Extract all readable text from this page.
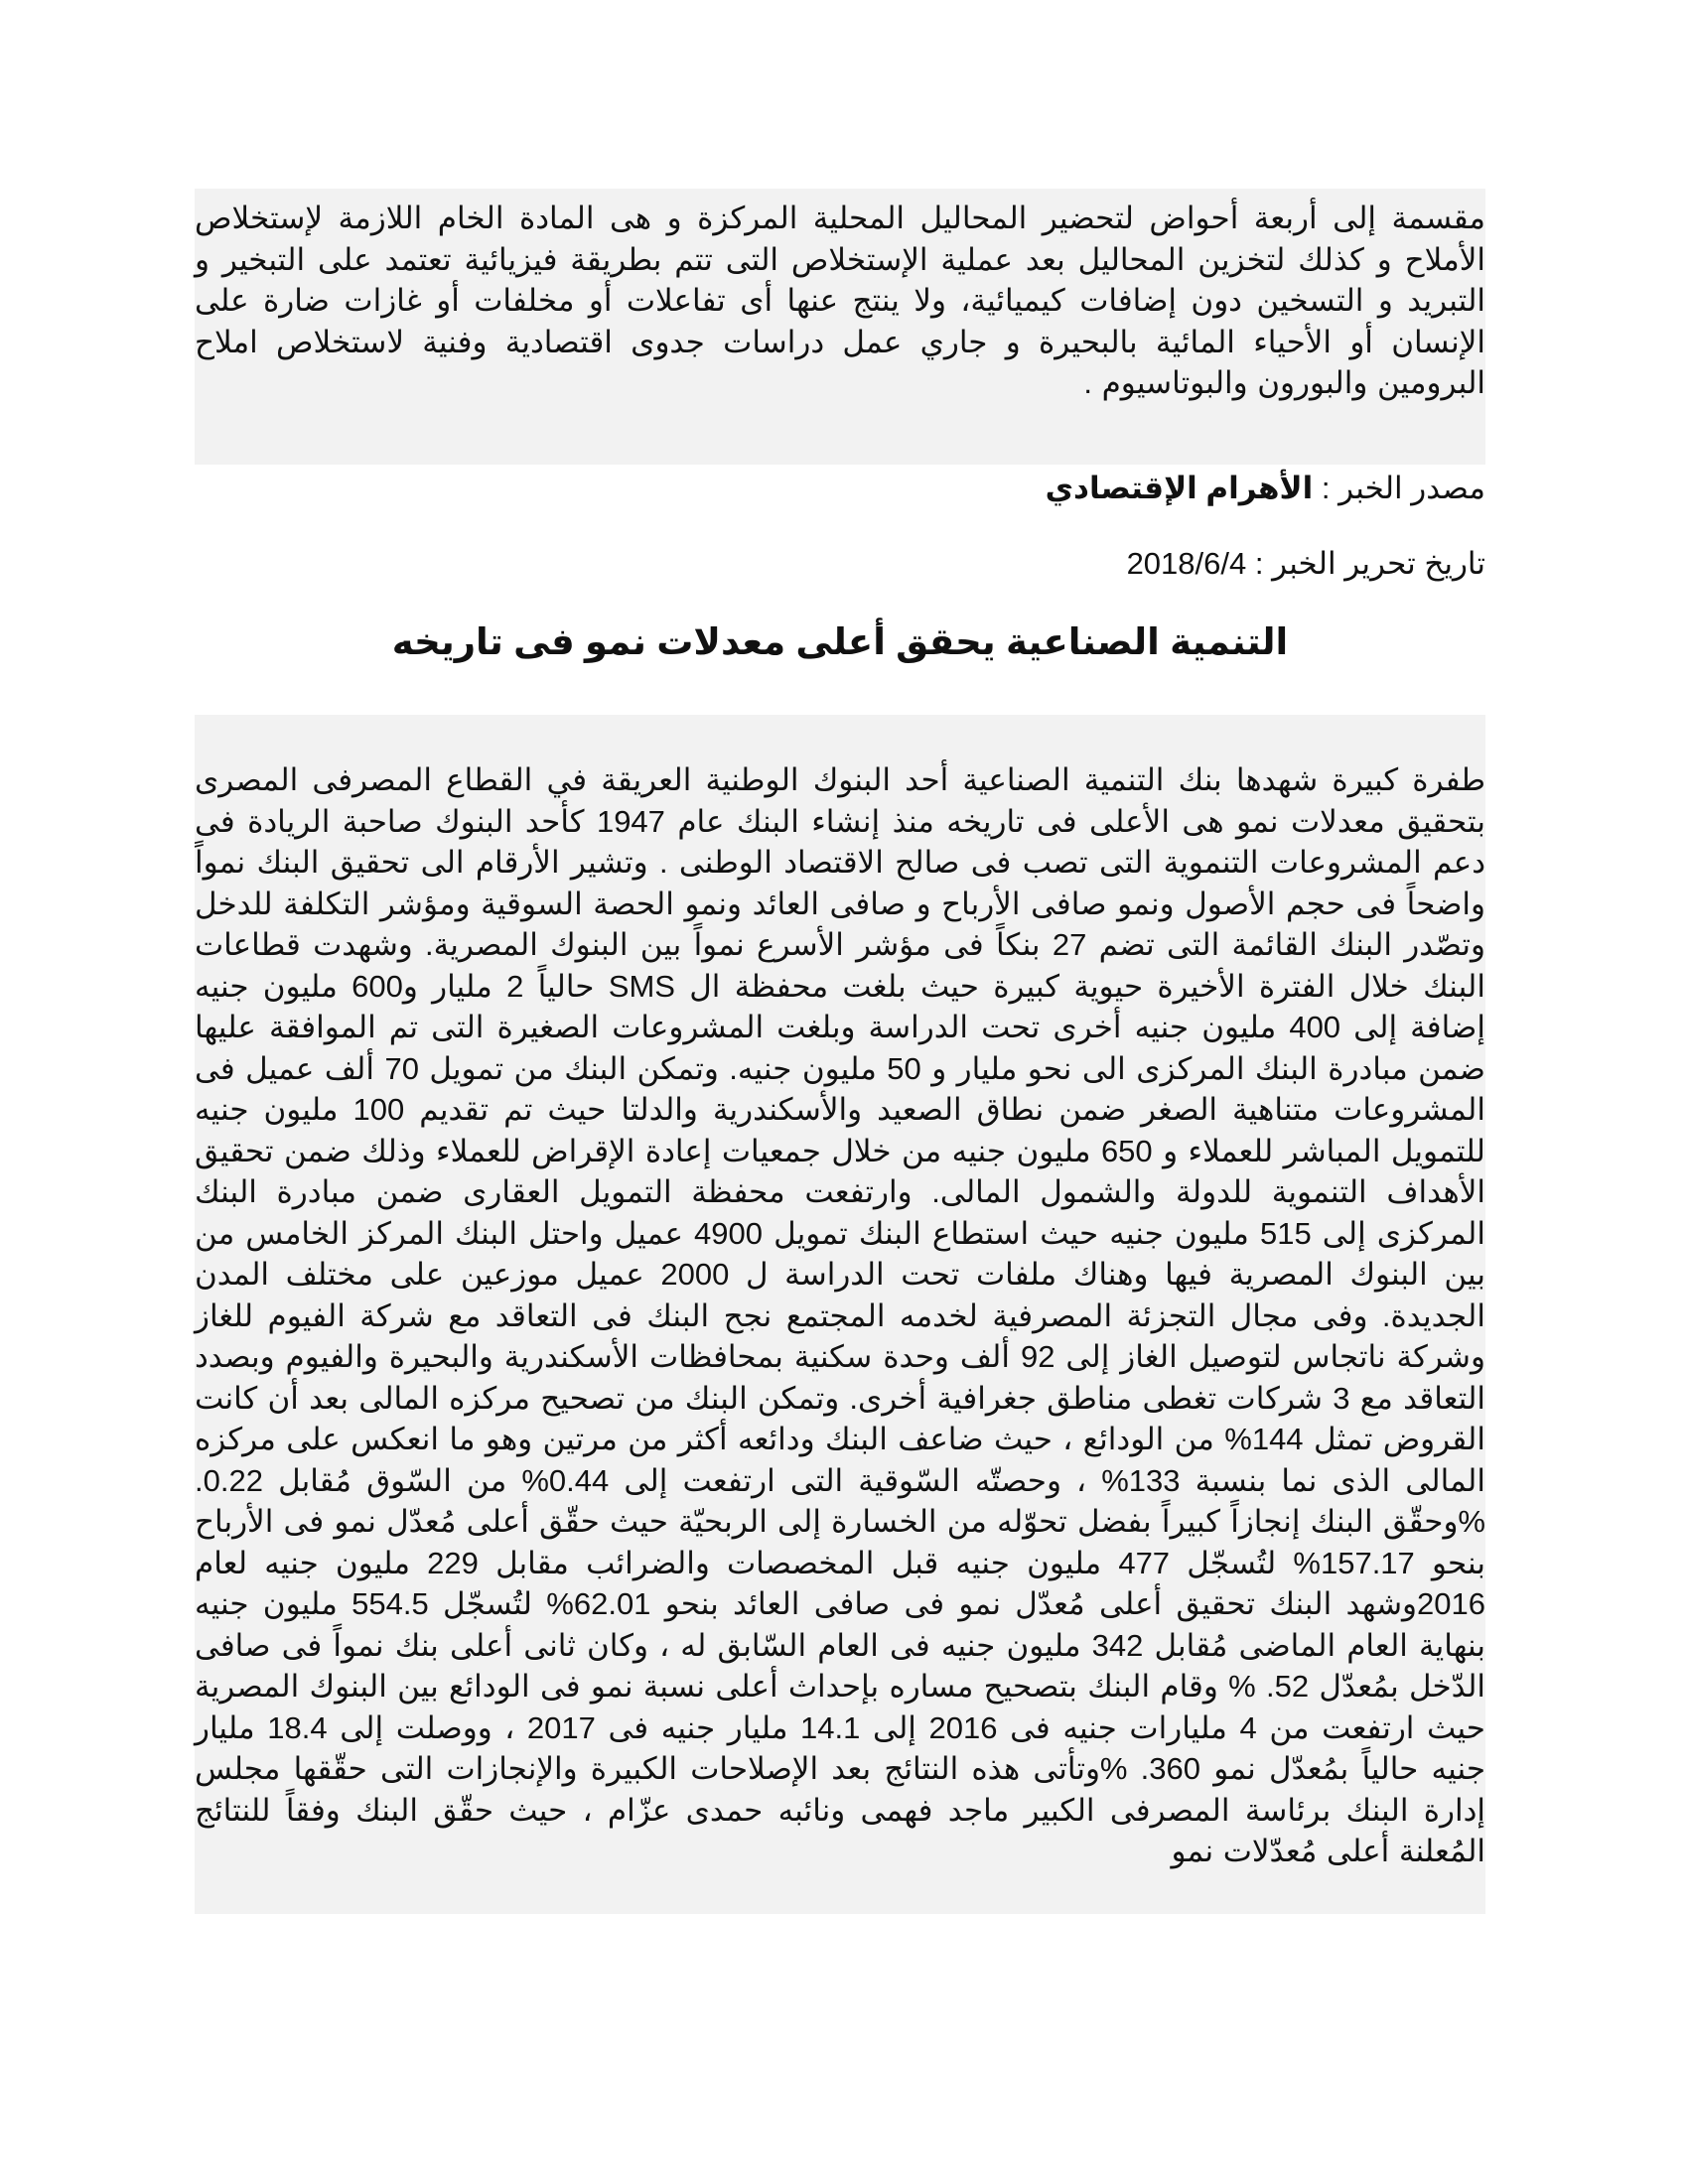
مقسمة إلى أربعة أحواض لتحضير المحاليل المحلية المركزة و هى المادة الخام اللازمة لإستخلاص الأملاح و كذلك لتخزين المحاليل بعد عملية الإستخلاص التى تتم بطريقة فيزيائية تعتمد على التبخير و التبريد و التسخين دون إضافات كيميائية، ولا ينتج عنها أى تفاعلات أو مخلفات أو غازات ضارة على الإنسان أو الأحياء المائية بالبحيرة و جاري عمل دراسات جدوى اقتصادية وفنية لاستخلاص املاح البرومين والبورون والبوتاسيوم .
مصدر الخبر : الأهرام الإقتصادي
تاريخ تحرير الخبر : 2018/6/4
التنمية الصناعية يحقق أعلى معدلات نمو فى تاريخه
طفرة كبيرة شهدها بنك التنمية الصناعية أحد البنوك الوطنية العريقة في القطاع المصرفى المصرى بتحقيق معدلات نمو هى الأعلى فى تاريخه منذ إنشاء البنك عام 1947 كأحد البنوك صاحبة الريادة فى دعم المشروعات التنموية التى تصب فى صالح الاقتصاد الوطنى . وتشير الأرقام الى تحقيق البنك نمواً واضحاً فى حجم الأصول ونمو صافى الأرباح و صافى العائد ونمو الحصة السوقية ومؤشر التكلفة للدخل وتصّدر البنك القائمة التى تضم 27 بنكاً فى مؤشر الأسرع نمواً بين البنوك المصرية. وشهدت قطاعات البنك خلال الفترة الأخيرة حيوية كبيرة حيث بلغت محفظة ال SMS حالياً 2 مليار و600 مليون جنيه إضافة إلى 400 مليون جنيه أخرى تحت الدراسة وبلغت المشروعات الصغيرة التى تم الموافقة عليها ضمن مبادرة البنك المركزى الى نحو مليار و 50 مليون جنيه. وتمكن البنك من تمويل 70 ألف عميل فى المشروعات متناهية الصغر ضمن نطاق الصعيد والأسكندرية والدلتا حيث تم تقديم 100 مليون جنيه للتمويل المباشر للعملاء و 650 مليون جنيه من خلال جمعيات إعادة الإقراض للعملاء وذلك ضمن تحقيق الأهداف التنموية للدولة والشمول المالى. وارتفعت محفظة التمويل العقارى ضمن مبادرة البنك المركزى إلى 515 مليون جنيه حيث استطاع البنك تمويل 4900 عميل واحتل البنك المركز الخامس من بين البنوك المصرية فيها وهناك ملفات تحت الدراسة ل 2000 عميل موزعين على مختلف المدن الجديدة. وفى مجال التجزئة المصرفية لخدمه المجتمع نجح البنك فى التعاقد مع شركة الفيوم للغاز وشركة ناتجاس لتوصيل الغاز إلى 92 ألف وحدة سكنية بمحافظات الأسكندرية والبحيرة والفيوم وبصدد التعاقد مع 3 شركات تغطى مناطق جغرافية أخرى. وتمكن البنك من تصحيح مركزه المالى بعد أن كانت القروض تمثل 144% من الودائع ، حيث ضاعف البنك ودائعه أكثر من مرتين وهو ما انعكس على مركزه المالى الذى نما بنسبة 133% ، وحصتّه السّوقية التى ارتفعت إلى 0.44% من السّوق مُقابل 0.22. %وحقّق البنك إنجازاً كبيراً بفضل تحوّله من الخسارة إلى الربحيّة حيث حقّق أعلى مُعدّل نمو فى الأرباح بنحو 157.17% لتُسجّل 477 مليون جنيه قبل المخصصات والضرائب مقابل 229 مليون جنيه لعام 2016وشهد البنك تحقيق أعلى مُعدّل نمو فى صافى العائد بنحو 62.01% لتُسجّل 554.5 مليون جنيه بنهاية العام الماضى مُقابل 342 مليون جنيه فى العام السّابق له ، وكان ثانى أعلى بنك نمواً فى صافى الدّخل بمُعدّل 52. % وقام البنك بتصحيح مساره بإحداث أعلى نسبة نمو فى الودائع بين البنوك المصرية حيث ارتفعت من 4 مليارات جنيه فى 2016 إلى 14.1 مليار جنيه فى 2017 ، ووصلت إلى 18.4 مليار جنيه حالياً بمُعدّل نمو 360. %وتأتى هذه النتائج بعد الإصلاحات الكبيرة والإنجازات التى حقّقها مجلس إدارة البنك برئاسة المصرفى الكبير ماجد فهمى ونائبه حمدى عزّام ، حيث حقّق البنك وفقاً للنتائج المُعلنة أعلى مُعدّلات نمو
